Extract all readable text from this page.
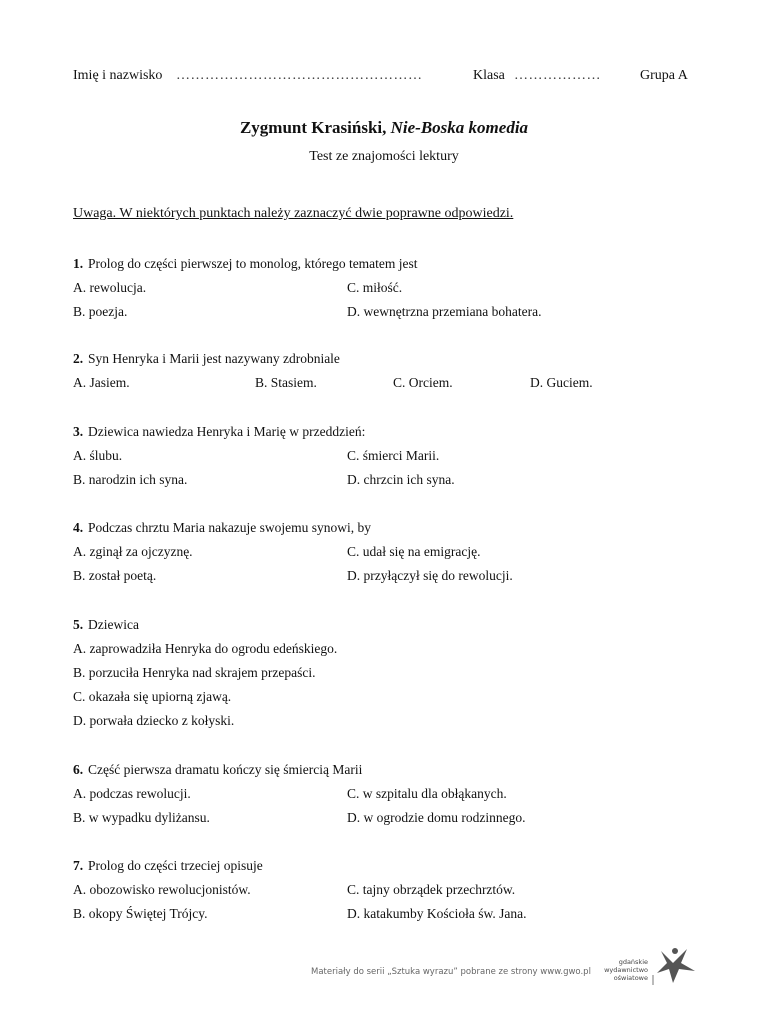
Imię i nazwisko ……………………………………………	Klasa ………………	Grupa A
Zygmunt Krasiński, Nie-Boska komedia
Test ze znajomości lektury
Uwaga. W niektórych punktach należy zaznaczyć dwie poprawne odpowiedzi.
1. Prolog do części pierwszej to monolog, którego tematem jest
A. rewolucja.	C. miłość.
B. poezja.	D. wewnętrzna przemiana bohatera.
2. Syn Henryka i Marii jest nazywany zdrobniale
A. Jasiem.	B. Stasiem.	C. Orciem.	D. Guciem.
3. Dziewica nawiedza Henryka i Marię w przeddzień:
A. ślubu.	C. śmierci Marii.
B. narodzin ich syna.	D. chrzcin ich syna.
4. Podczas chrztu Maria nakazuje swojemu synowi, by
A. zginął za ojczyznę.	C. udał się na emigrację.
B. został poetą.	D. przyłączył się do rewolucji.
5. Dziewica
A. zaprowadziła Henryka do ogrodu edeńskiego.
B. porzuciła Henryka nad skrajem przepaści.
C. okazała się upiorną zjawą.
D. porwała dziecko z kołyski.
6. Część pierwsza dramatu kończy się śmiercią Marii
A. podczas rewolucji.	C. w szpitalu dla obłąkanych.
B. w wypadku dyliżansu.	D. w ogrodzie domu rodzinnego.
7. Prolog do części trzeciej opisuje
A. obozowisko rewolucjonistów.	C. tajny obrządek przechrztów.
B. okopy Świętej Trójcy.	D. katakumby Kościoła św. Jana.
Materiały do serii „Sztuka wyrazu” pobrane ze strony www.gwo.pl
gdańskie
wydawnictwo
oświatowe
